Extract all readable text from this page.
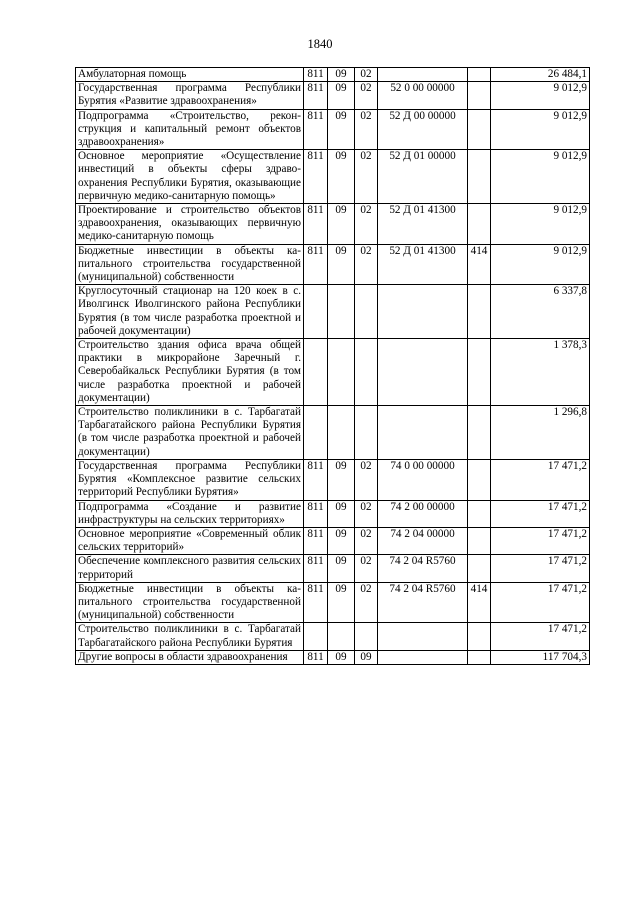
1840
Амбулаторная помощь	811	09	02			26 484,1
Государственная программа Республики Бурятия «Развитие здравоохранения»	811	09	02	52 0 00 00000		9 012,9
Подпрограмма «Строительство, реконструкция и капитальный ремонт объектов здравоохранения»	811	09	02	52 Д 00 00000		9 012,9
Основное мероприятие «Осуществление инвестиций в объекты сферы здравоохранения Республики Бурятия, оказывающие первичную медико-санитарную помощь»	811	09	02	52 Д 01 00000		9 012,9
Проектирование и строительство объектов здравоохранения, оказывающих первичную медико-санитарную помощь	811	09	02	52 Д 01 41300		9 012,9
Бюджетные инвестиции в объекты капитального строительства государственной (муниципальной) собственности	811	09	02	52 Д 01 41300	414	9 012,9
Круглосуточный стационар на 120 коек в с. Иволгинск Иволгинского района Республики Бурятия (в том числе разработка проектной и рабочей документации)						6 337,8
Строительство здания офиса врача общей практики в микрорайоне Заречный г. Северобайкальск Республики Бурятия (в том числе разработка проектной и рабочей документации)						1 378,3
Строительство поликлиники в с. Тарбагатай Тарбагатайского района Республики Бурятия (в том числе разработка проектной и рабочей документации)						1 296,8
Государственная программа Республики Бурятия «Комплексное развитие сельских территорий Республики Бурятия»	811	09	02	74 0 00 00000		17 471,2
Подпрограмма «Создание и развитие инфраструктуры на сельских территориях»	811	09	02	74 2 00 00000		17 471,2
Основное мероприятие «Современный облик сельских территорий»	811	09	02	74 2 04 00000		17 471,2
Обеспечение комплексного развития сельских территорий	811	09	02	74 2 04 R5760		17 471,2
Бюджетные инвестиции в объекты капитального строительства государственной (муниципальной) собственности	811	09	02	74 2 04 R5760	414	17 471,2
Строительство поликлиники в с. Тарбагатай Тарбагатайского района Республики Бурятия						17 471,2
Другие вопросы в области здравоохранения	811	09	09			117 704,3
